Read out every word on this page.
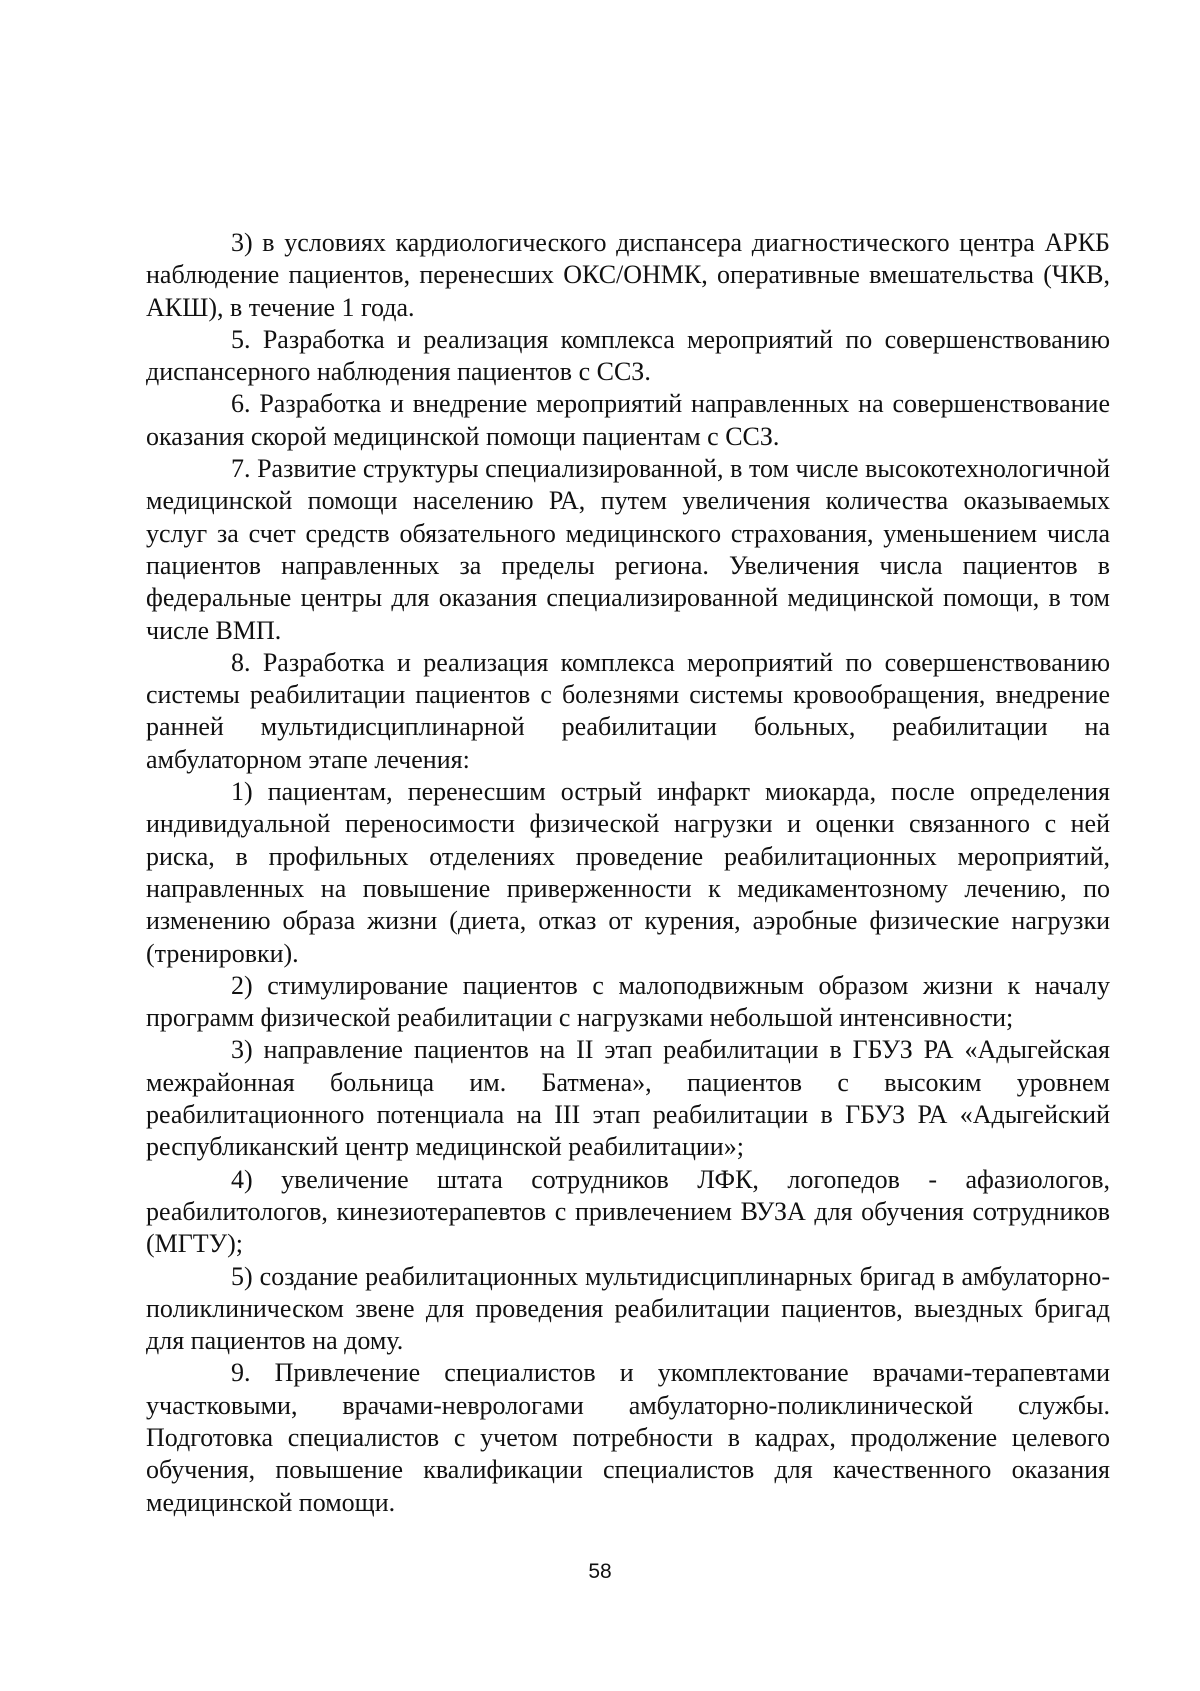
3) в условиях кардиологического диспансера диагностического центра АРКБ наблюдение пациентов, перенесших ОКС/ОНМК, оперативные вмешательства (ЧКВ, АКШ), в течение 1 года.

5. Разработка и реализация комплекса мероприятий по совершенствованию диспансерного наблюдения пациентов с ССЗ.

6. Разработка и внедрение мероприятий направленных на совершенствование оказания скорой медицинской помощи пациентам с ССЗ.

7. Развитие структуры специализированной, в том числе высокотехнологичной медицинской помощи населению РА, путем увеличения количества оказываемых услуг за счет средств обязательного медицинского страхования, уменьшением числа пациентов направленных за пределы региона. Увеличения числа пациентов в федеральные центры для оказания специализированной медицинской помощи, в том числе ВМП.

8. Разработка и реализация комплекса мероприятий по совершенствованию системы реабилитации пациентов с болезнями системы кровообращения, внедрение ранней мультидисциплинарной реабилитации больных, реабилитации на амбулаторном этапе лечения:

1) пациентам, перенесшим острый инфаркт миокарда, после определения индивидуальной переносимости физической нагрузки и оценки связанного с ней риска, в профильных отделениях проведение реабилитационных мероприятий, направленных на повышение приверженности к медикаментозному лечению, по изменению образа жизни (диета, отказ от курения, аэробные физические нагрузки (тренировки).

2) стимулирование пациентов с малоподвижным образом жизни к началу программ физической реабилитации с нагрузками небольшой интенсивности;

3) направление пациентов на II этап реабилитации в ГБУЗ РА «Адыгейская межрайонная больница им. Батмена», пациентов с высоким уровнем реабилитационного потенциала на III этап реабилитации в ГБУЗ РА «Адыгейский республиканский центр медицинской реабилитации»;

4) увеличение штата сотрудников ЛФК, логопедов - афазиологов, реабилитологов, кинезиотерапевтов с привлечением ВУЗА для обучения сотрудников (МГТУ);

5) создание реабилитационных мультидисциплинарных бригад в амбулаторно- поликлиническом звене для проведения реабилитации пациентов, выездных бригад для пациентов на дому.

9. Привлечение специалистов и укомплектование врачами-терапевтами участковыми, врачами-неврологами амбулаторно-поликлинической службы. Подготовка специалистов с учетом потребности в кадрах, продолжение целевого обучения, повышение квалификации специалистов для качественного оказания медицинской помощи.

58
